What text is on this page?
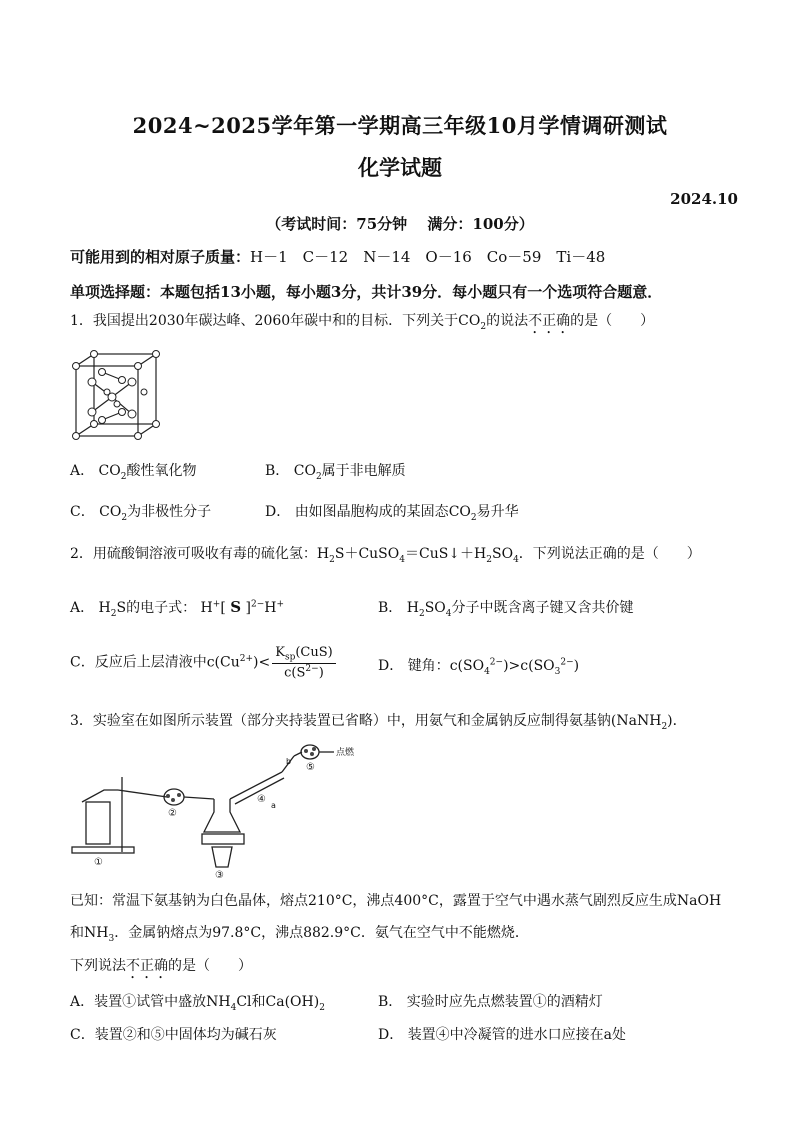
2024~2025学年第一学期高三年级10月学情调研测试
化学试题
2024.10
（考试时间：75分钟　 满分：100分）
可能用到的相对原子质量：H－1　C－12　N－14　O－16　Co－59　Ti－48
单项选择题：本题包括13小题，每小题3分，共计39分．每小题只有一个选项符合题意．
1．我国提出2030年碳达峰、2060年碳中和的目标．下列关于$CO_2$的说法不正确的是（　　）
A． $CO_2$酸性氧化物	B． $CO_2$属于非电解质
C． $CO_2$为非极性分子	D． 由如图晶胞构成的某固态$CO_2$易升华
2．用硫酸铜溶液可吸收有毒的硫化氢：$H_2S+CuSO_4=CuS↓+H_2SO_4$．下列说法正确的是（　　）
A． $H_2S$的电子式： H+[ S ]$^{2-}$H+	B． $H_2SO_4$分子中既含离子键又含共价键
C．反应后上层清液中$c(Cu^{2+})< \frac{K_{sp}(CuS)}{c(S^{2-})}$	D． 键角：$c(SO_4^{2-})>c(SO_3^{2-})$
3．实验室在如图所示装置（部分夹持装置已省略）中，用氨气和金属钠反应制得氨基钠(NaNH$_2$)．
①
②
③
④
⑤
a
b
点燃
已知：常温下氨基钠为白色晶体，熔点210°C，沸点400°C，露置于空气中遇水蒸气剧烈反应生成NaOH
和$NH_3$．金属钠熔点为97.8°C，沸点882.9°C．氨气在空气中不能燃烧．
下列说法不正确的是（　　）
A．装置①试管中盛放$NH_4Cl$和$Ca(OH)_2$	B． 实验时应先点燃装置①的酒精灯
C．装置②和⑤中固体均为碱石灰	D． 装置④中冷凝管的进水口应接在a处
